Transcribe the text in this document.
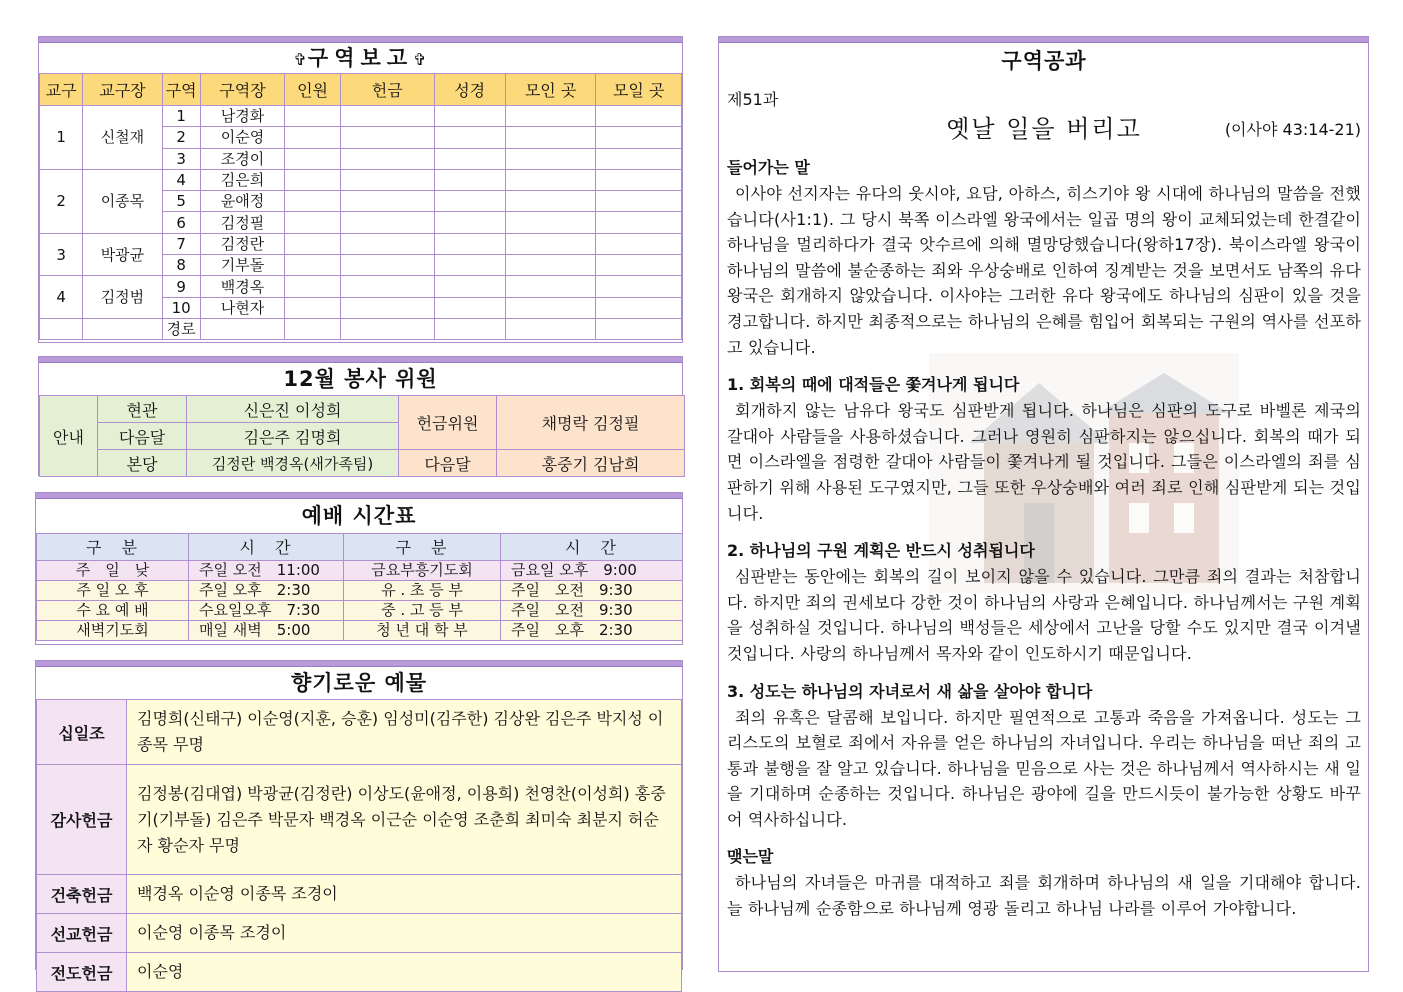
✞구역보고✞
교구	교구장	구역	구역장	인원	헌금	성경	모인 곳	모일 곳
1	신철재	1	남경화					
		2	이순영					
		3	조경이					
2	이종목	4	김은희					
		5	윤애정					
		6	김정필					
3	박광균	7	김정란					
		8	기부돌					
4	김정범	9	백경옥					
		10	나현자					
		경로						
12월 봉사 위원
안내	현관	신은진 이성희	헌금위원	채명락 김정필
	다음달	김은주 김명희		
	본당	김정란 백경옥(새가족팀)	다음달	홍중기 김남희
예배 시간표
구　분	시　간	구　분	시　간
주　일　낮	주일 오전　11:00	금요부흥기도회	금요일 오후　9:00
주 일 오 후	주일 오후　2:30	유 . 초 등 부	주일　오전　9:30
수 요 예 배	수요일오후　7:30	중 . 고 등 부	주일　오전　9:30
새벽기도회	매일 새벽　5:00	청 년 대 학 부	주일　오후　2:30
향기로운 예물
십일조	김명희(신태구) 이순영(지훈, 승훈) 임성미(김주한) 김상완 김은주 박지성 이종목 무명
감사헌금	김정봉(김대엽) 박광균(김정란) 이상도(윤애정, 이용희) 천영찬(이성희) 홍중기(기부돌) 김은주 박문자 백경옥 이근순 이순영 조춘희 최미숙 최분지 허순자 황순자 무명
건축헌금	백경옥 이순영 이종목 조경이
선교헌금	이순영 이종목 조경이
전도헌금	이순영
구역공과
제51과
옛날 일을 버리고	(이사야 43:14-21)
들어가는 말
이사야 선지자는 유다의 웃시야, 요담, 아하스, 히스기야 왕 시대에 하나님의 말씀을 전했습니다(사1:1). 그 당시 북쪽 이스라엘 왕국에서는 일곱 명의 왕이 교체되었는데 한결같이 하나님을 멀리하다가 결국 앗수르에 의해 멸망당했습니다(왕하17장). 북이스라엘 왕국이 하나님의 말씀에 불순종하는 죄와 우상숭배로 인하여 징계받는 것을 보면서도 남쪽의 유다 왕국은 회개하지 않았습니다. 이사야는 그러한 유다 왕국에도 하나님의 심판이 있을 것을 경고합니다. 하지만 최종적으로는 하나님의 은혜를 힘입어 회복되는 구원의 역사를 선포하고 있습니다.
1. 회복의 때에 대적들은 쫓겨나게 됩니다
회개하지 않는 남유다 왕국도 심판받게 됩니다. 하나님은 심판의 도구로 바벨론 제국의 갈대아 사람들을 사용하셨습니다. 그러나 영원히 심판하지는 않으십니다. 회복의 때가 되면 이스라엘을 점령한 갈대아 사람들이 쫓겨나게 될 것입니다. 그들은 이스라엘의 죄를 심판하기 위해 사용된 도구였지만, 그들 또한 우상숭배와 여러 죄로 인해 심판받게 되는 것입니다.
2. 하나님의 구원 계획은 반드시 성취됩니다
심판받는 동안에는 회복의 길이 보이지 않을 수 있습니다. 그만큼 죄의 결과는 처참합니다. 하지만 죄의 권세보다 강한 것이 하나님의 사랑과 은혜입니다. 하나님께서는 구원 계획을 성취하실 것입니다. 하나님의 백성들은 세상에서 고난을 당할 수도 있지만 결국 이겨낼 것입니다. 사랑의 하나님께서 목자와 같이 인도하시기 때문입니다.
3. 성도는 하나님의 자녀로서 새 삶을 살아야 합니다
죄의 유혹은 달콤해 보입니다. 하지만 필연적으로 고통과 죽음을 가져옵니다. 성도는 그리스도의 보혈로 죄에서 자유를 얻은 하나님의 자녀입니다. 우리는 하나님을 떠난 죄의 고통과 불행을 잘 알고 있습니다. 하나님을 믿음으로 사는 것은 하나님께서 역사하시는 새 일을 기대하며 순종하는 것입니다. 하나님은 광야에 길을 만드시듯이 불가능한 상황도 바꾸어 역사하십니다.
맺는말
하나님의 자녀들은 마귀를 대적하고 죄를 회개하며 하나님의 새 일을 기대해야 합니다. 늘 하나님께 순종함으로 하나님께 영광 돌리고 하나님 나라를 이루어 가야합니다.
